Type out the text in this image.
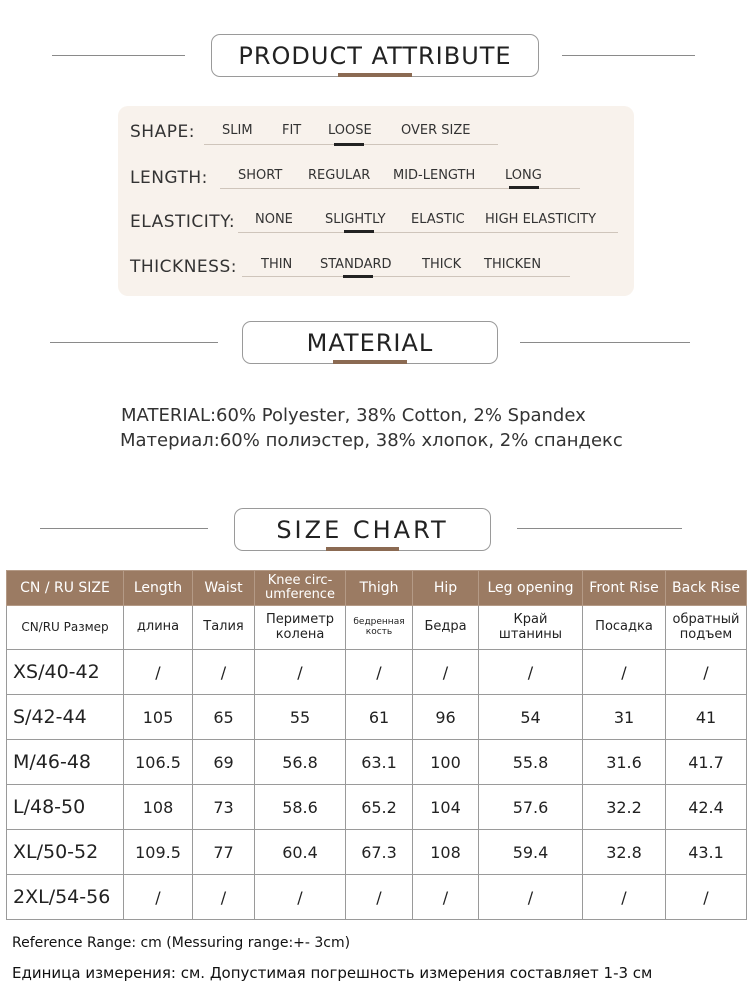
PRODUCT ATTRIBUTE
SHAPE: SLIM FIT LOOSE OVER SIZE
LENGTH: SHORT REGULAR MID-LENGTH LONG
ELASTICITY: NONE SLIGHTLY ELASTIC HIGH ELASTICITY
THICKNESS: THIN STANDARD THICK THICKEN
MATERIAL
MATERIAL:60% Polyester, 38% Cotton, 2% Spandex
Материал:60% полиэстер, 38% хлопок, 2% спандекс
SIZE CHART
CN / RU SIZE	Length	Waist	Knee circ-umference	Thigh	Hip	Leg opening	Front Rise	Back Rise
CN/RU Размер	длина	Талия	Периметр колена	бедренная кость	Бедра	Край штанины	Посадка	обратный подъем
XS/40-42	/	/	/	/	/	/	/	/
S/42-44	105	65	55	61	96	54	31	41
M/46-48	106.5	69	56.8	63.1	100	55.8	31.6	41.7
L/48-50	108	73	58.6	65.2	104	57.6	32.2	42.4
XL/50-52	109.5	77	60.4	67.3	108	59.4	32.8	43.1
2XL/54-56	/	/	/	/	/	/	/	/
Reference Range: cm (Messuring range:+- 3cm)
Единица измерения: см. Допустимая погрешность измерения составляет 1-3 см
